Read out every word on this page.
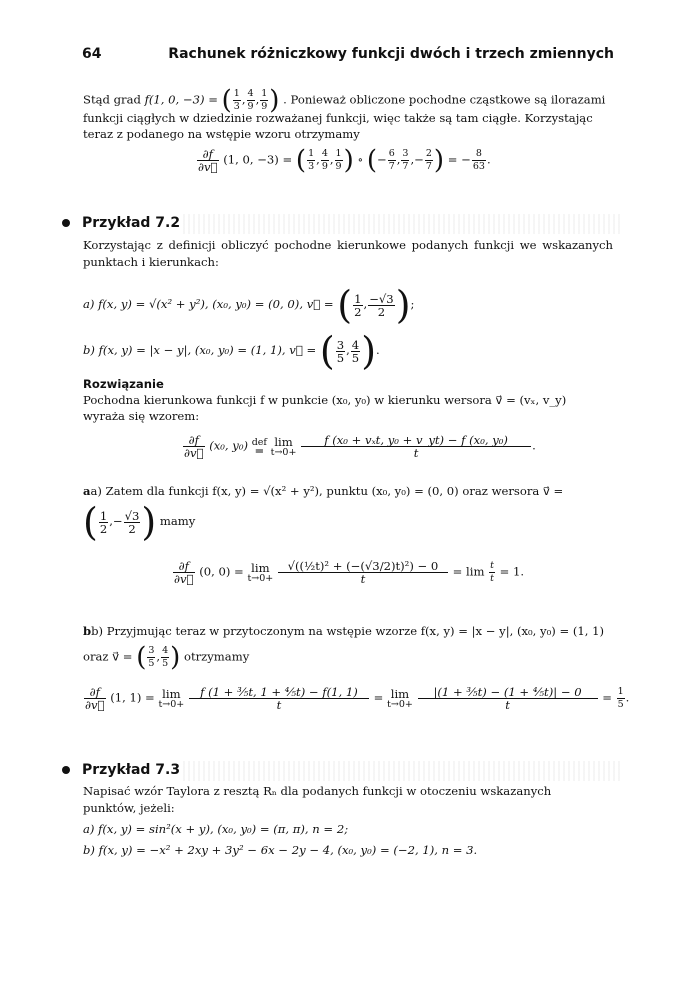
64	Rachunek różniczkowy funkcji dwóch i trzech zmiennych
Stąd grad f(1, 0, −3) = ( $\frac{1}{3}$ , $\frac{4}{9}$ , $\frac{1}{9}$ ) . Ponieważ obliczone pochodne cząstkowe są ilorazami
funkcji ciągłych w dziedzinie rozważanej funkcji, więc także są tam ciągłe. Korzystając
teraz z podanego na wstępie wzoru otrzymamy
$\frac{\partial f}{\partial v⃗} (1$, 0, −3) = ( $\frac{1}{3}$ , $\frac{4}{9}$ , $\frac{1}{9}$ ) ∘ (− $\frac{6}{7}$ , $\frac{3}{7}$ ,− $\frac{2}{7}$ ) = − $\frac{8}{63}$ .
Przykład 7.2
Korzystając z definicji obliczyć pochodne kierunkowe podanych funkcji we wskazanych punktach i kierunkach:
a) f(x, y) = √(x² + y²), (x₀, y₀) = (0, 0), v⃗ = ( $\frac{1}{2}$ , $\frac{-√3}{2}$ );
b) f(x, y) = |x − y|, (x₀, y₀) = (1, 1), v⃗ = ( $\frac{3}{5}$ , $\frac{4}{5}$ ).
Rozwiązanie
Pochodna kierunkowa funkcji f w punkcie (x₀, y₀) w kierunku wersora v⃗ = (vₓ, v_y)
wyraża się wzorem:
$\frac{\partial f}{\partial v⃗} (x_0$, y₀) def
═

lim
t→0+
$\frac{\text{f (x₀ + vₓt, y₀ + v\_yt) − f (x₀, y₀)}}{t}$ .
aa) Zatem dla funkcji f(x, y) = √(x² + y²), punktu (x₀, y₀) = (0, 0) oraz wersora v⃗ =
( $\frac{1}{2}$ ,− $\frac{√3}{2}$ ) mamy
$\frac{\partial f}{\partial v⃗} (0$, 0) = lim
t→0+
$\frac{\text{√((½t)² + (−(√3/2)t)²) − 0}}{t} = \lim \frac{t}{t} = 1$.
bb) Przyjmując teraz w przytoczonym na wstępie wzorze f(x, y) = |x − y|, (x₀, y₀) = (1, 1)
oraz v⃗ = ( $\frac{3}{5}$ , $\frac{4}{5}$ ) otrzymamy
$\frac{\partial f}{\partial v⃗} (1$, 1) = lim
t→0+
$\frac{\text{f (1 + ³⁄₅t, 1 + ⁴⁄₅t) − f(1, 1)}}{t} = \lim$
t→0+
$\frac{\text{|(1 + ³⁄₅t) − (1 + ⁴⁄₅t)| − 0}}{t} = \frac{1}{5}$ .
Przykład 7.3
Napisać wzór Taylora z resztą Rₙ dla podanych funkcji w otoczeniu wskazanych
punktów, jeżeli:
a) f(x, y) = sin²(x + y), (x₀, y₀) = (π, π), n = 2;
b) f(x, y) = −x² + 2xy + 3y² − 6x − 2y − 4, (x₀, y₀) = (−2, 1), n = 3.
